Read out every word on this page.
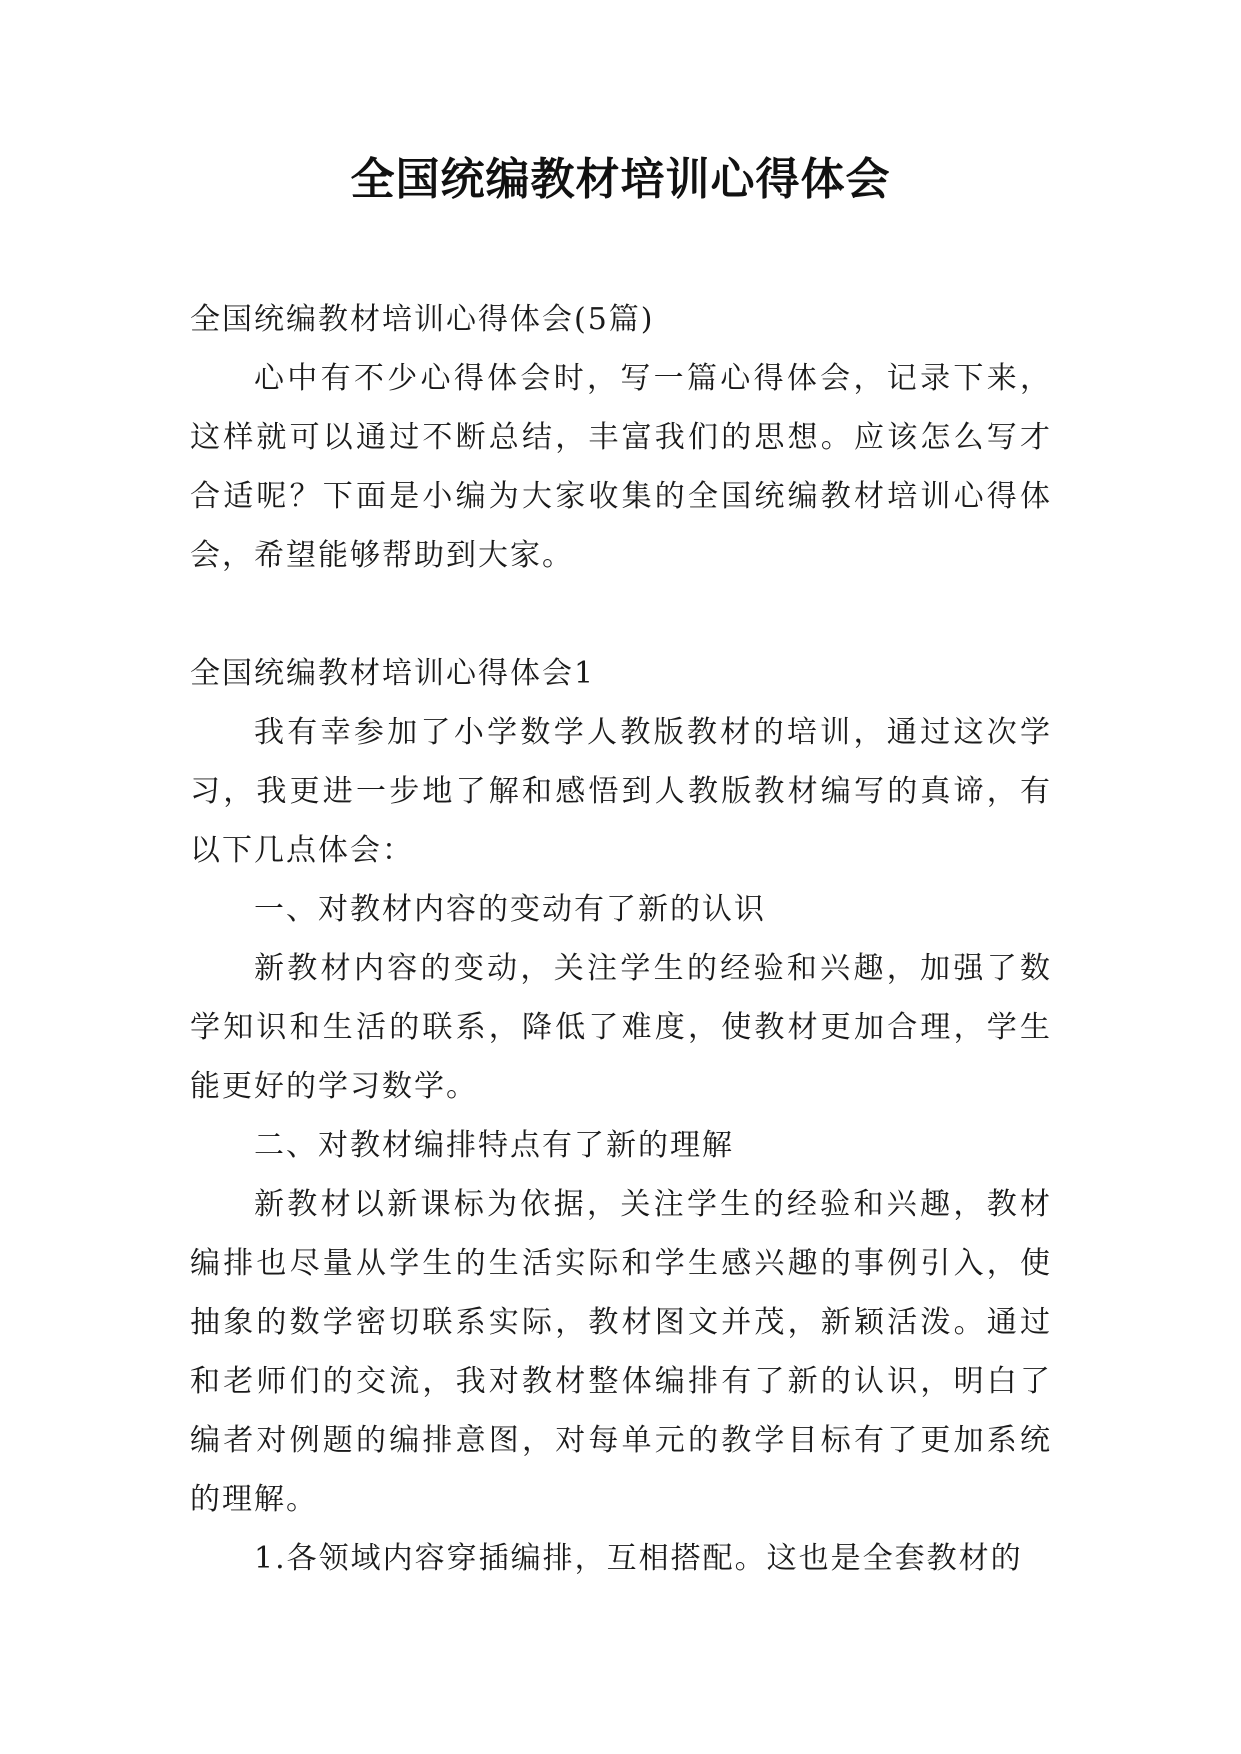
全国统编教材培训心得体会

全国统编教材培训心得体会(5篇)

心中有不少心得体会时，写一篇心得体会，记录下来，这样就可以通过不断总结，丰富我们的思想。应该怎么写才合适呢？下面是小编为大家收集的全国统编教材培训心得体会，希望能够帮助到大家。

全国统编教材培训心得体会1

我有幸参加了小学数学人教版教材的培训，通过这次学习，我更进一步地了解和感悟到人教版教材编写的真谛，有以下几点体会：

一、对教材内容的变动有了新的认识

新教材内容的变动，关注学生的经验和兴趣，加强了数学知识和生活的联系，降低了难度，使教材更加合理，学生能更好的学习数学。

二、对教材编排特点有了新的理解

新教材以新课标为依据，关注学生的经验和兴趣，教材编排也尽量从学生的生活实际和学生感兴趣的事例引入，使抽象的数学密切联系实际，教材图文并茂，新颖活泼。通过和老师们的交流，我对教材整体编排有了新的认识，明白了编者对例题的编排意图，对每单元的教学目标有了更加系统的理解。

1.各领域内容穿插编排，互相搭配。这也是全套教材的
